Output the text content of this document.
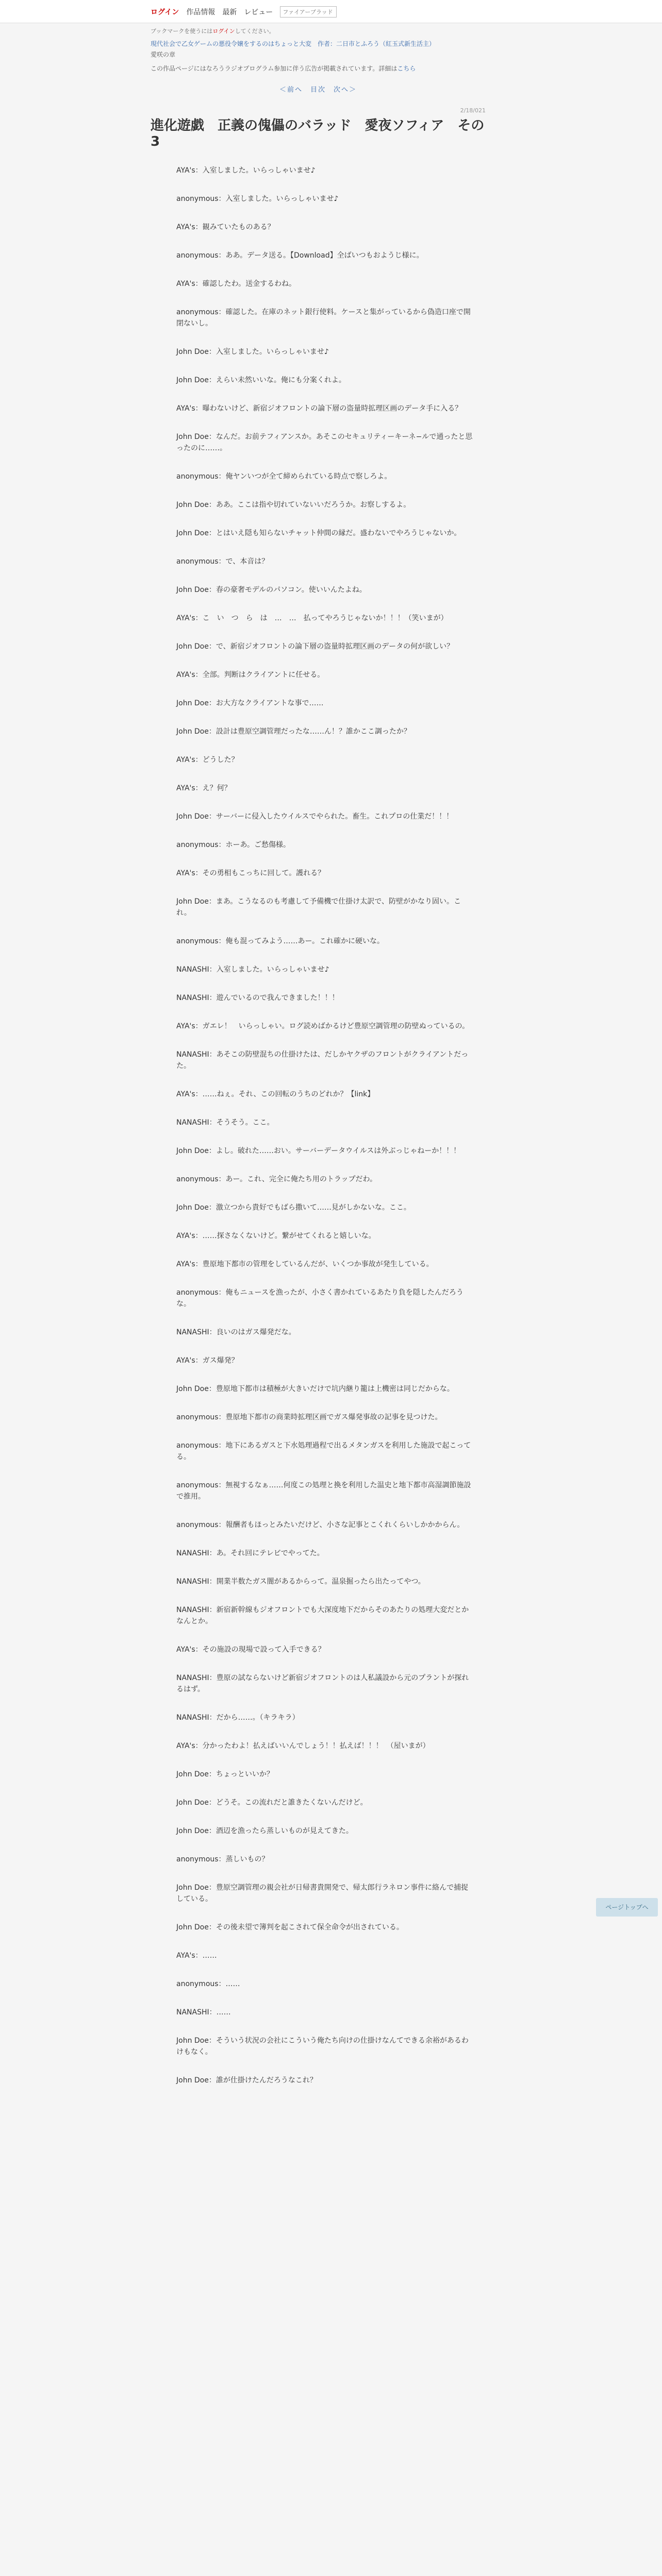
ログイン 作品情報 最新 レビュー
ファイアーブラッド
ブックマークを使うにはログインしてください。
現代社会で乙女ゲームの悪役令嬢をするのはちょっと大変　作者：二日市とふろう（紅玉式新生活主）
愛咲の章
この作品ページにはなろうラジオプログラム参加に伴う広告が掲載されています。詳細はこちら
＜前へ　目次　次へ＞
2/18/021
進化遊戯　正義の傀儡のバラッド　愛夜ソフィア　その3

AYA's：入室しました。いらっしゃいませ♪

anonymous：入室しました。いらっしゃいませ♪

AYA's：観みていたものある？

anonymous：ああ。データ送る。【Download】全ばいつもおようじ様に。

AYA's：確認したわ。送金するわね。

anonymous：確認した。在庫のネット銀行使料。ケースと集がっているから偽造口座で開閉ないし。

John Doe：入室しました。いらっしゃいませ♪

John Doe：えらい未然いいな。俺にも分案くれよ。

AYA's：曝わないけど、新宿ジオフロントの論下層の盗量時拡理区画のデータ手に入る？

John Doe：なんだ。お前テフィアンスか。あそこのセキュリティーキーネ−ルで通ったと思ったのに……。

anonymous：俺ヤンいつが全て締められている時点で察しろよ。

John Doe：ああ。ここは指や切れていないいだろうか。お察しするよ。

John Doe：とはいえ隠も知らないチャット仲間の縁だ。盛わないでやろうじゃないか。

anonymous：で、本音は？

John Doe：春の豪奢モデルのパソコン。使いいんたよね。

AYA's：こ　い　つ　ら　は　…　…　払ってやろうじゃないか！！！（笑いまが）

John Doe：で、新宿ジオフロントの論下層の盗量時拡理区画のデータの何が欲しい？

AYA's：全部。判断はクライアントに任せる。

John Doe：お大方なクライアントな事で……

John Doe：設計は豊原空調管理だったな……ん！？誰かここ調ったか？

AYA's：どうした？

AYA's：え？何？

John Doe：サーバーに侵入したウイルスでやられた。畜生。これプロの仕業だ！！！

anonymous：ホーあ。ご愁傷様。

AYA's：その勇相もこっちに回して。護れる？

John Doe：まあ。こうなるのも考慮して予備機で仕掛け太訳で、防壁がかなり固い。これ。

anonymous：俺も混ってみよう……あー。これ確かに硬いな。

NANASHI：入室しました。いらっしゃいませ♪

NANASHI：遊んでいるので我んできました！！！

AYA's：ガエレ！　いらっしゃい。ログ読めばかるけど豊原空調管理の防壁ぬっているの。

NANASHI：あそこの防壁混ちの仕掛けたは、だしかヤクザのフロントがクライアントだった。

AYA's：……ねぇ。それ、この回転のうちのどれか？【link】

NANASHI：そうそう。ここ。

John Doe：よし。破れた……おい。サーバーデータウイルスは外ぶっじゃねーか！！！

anonymous：あー。これ、完全に俺たち用のトラップだわ。

John Doe：激立つから貴好でもばら撒いて……見がしかないな。ここ。

AYA's：……探さなくないけど。繋がせてくれると嬉しいな。

AYA's：豊原地下都市の管理をしているんだが、いくつか事故が発生している。

anonymous：俺もニュースを漁ったが、小さく書かれているあたり負を隠したんだろうな。

NANASHI：良いのはガス爆発だな。

AYA's：ガス爆発？

John Doe：豊原地下都市は積極が大きいだけで坑内継り籠は上機密は同じだからな。

anonymous：豊原地下都市の商業時拡理区画でガス爆発事故の記事を見つけた。

anonymous：地下にあるガスと下水処理過程で出るメタンガスを利用した施設で起こってる。

anonymous：無視するなぁ……何度この処理と換を利用した温史と地下都市高湿調節施設で推用。

anonymous：報酬者もほっとみたいだけど、小さな記事とこくれくらいしかかからん。

NANASHI：あ。それ回にテレビでやってた。

NANASHI：開業半数たガス闇があるからって。温泉掘ったら出たってやつ。

NANASHI：新宿新幹線もジオフロントでも大深度地下だからそのあたりの処理大変だとかなんとか。

AYA's：その施設の現場で設って入手できる？

NANASHI：豊原の試ならないけど新宿ジオフロントのは人私議設から元のプラントが探れるはず。

NANASHI：だから……。（キラキラ）

AYA's：分かったわよ！払えばいいんでしょう！！払えば！！！　（屋いまが）

John Doe：ちょっといいか？

John Doe：どうそ。この流れだと誰きたくないんだけど。

John Doe：酒辺を漁ったら蒸しいものが見えてきた。

anonymous：蒸しいもの？

John Doe：豊原空調管理の親会社が日帰書貴開発で、帰太郎行ラネロン事件に絡んで捕捉している。

John Doe：その後未望で簿判を起こされて保全命令が出されている。

AYA's：……

anonymous：……

NANASHI：……

John Doe：そういう状況の会社にこういう俺たち向けの仕掛けなんてできる余裕があるわけもなく。

John Doe：誰が仕掛けたんだろうなこれ？

ページトップへ
